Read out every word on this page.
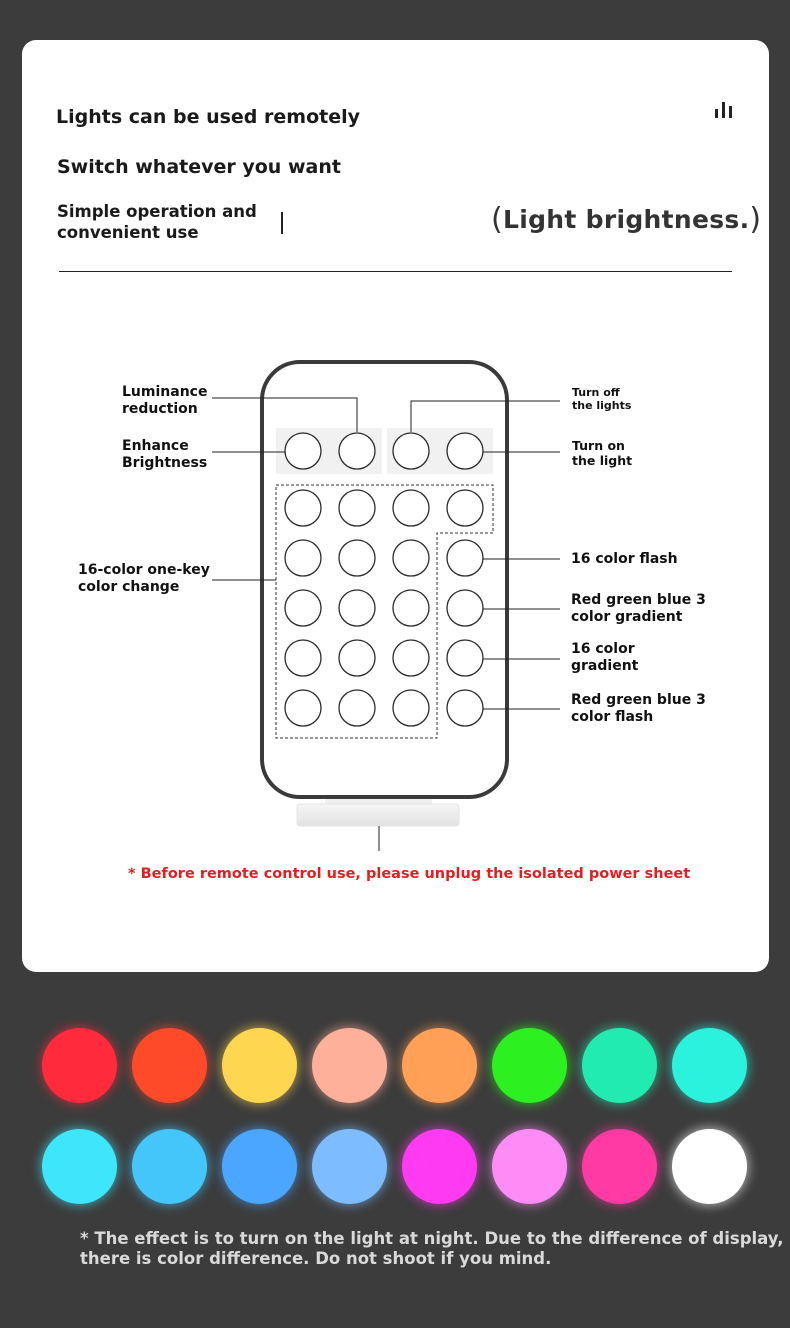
Lights can be used remotely
Switch whatever you want
Simple operation and
convenient use	(Light brightness.)
Luminance
reduction
Enhance
Brightness
16-color one-key
color change
Turn off
the lights
Turn on
the light
16 color flash
Red green blue 3
color gradient
16 color
gradient
Red green blue 3
color flash
* Before remote control use, please unplug the isolated power sheet
* The effect is to turn on the light at night. Due to the difference of display,
there is color difference. Do not shoot if you mind.
